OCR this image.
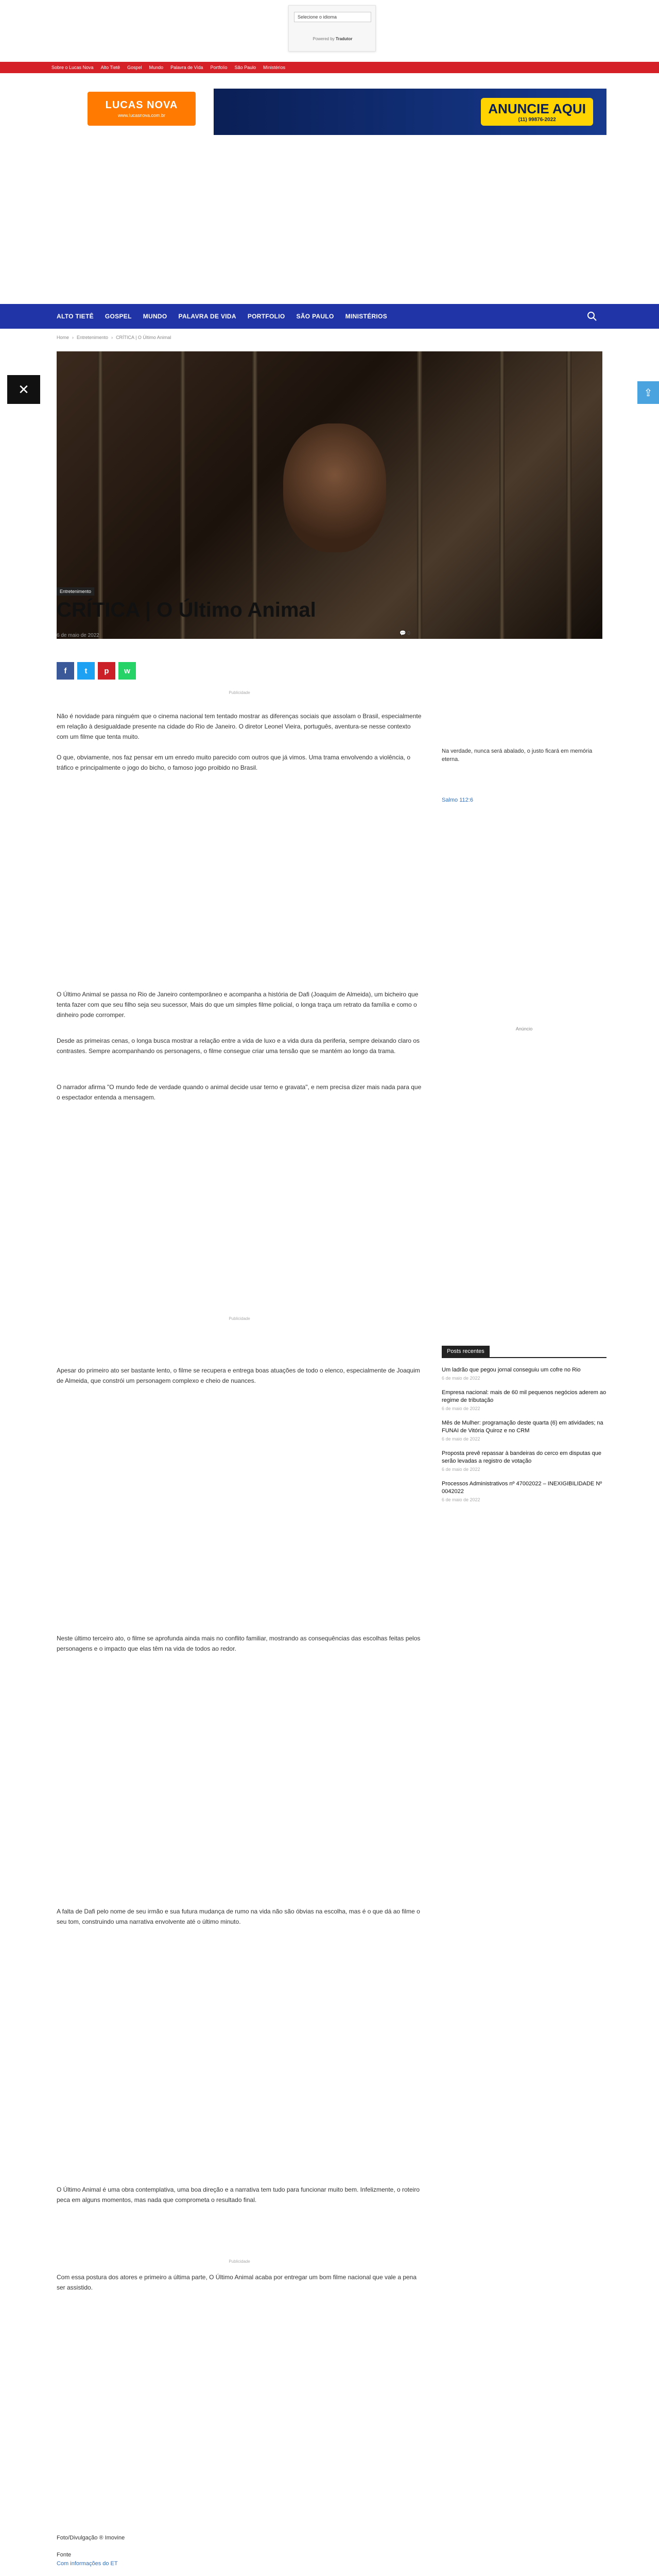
Selecione o idioma
Powered by Tradutor
Sobre o Lucas Nova Alto Tietê Gospel Mundo Palavra de Vida Portfolio São Paulo Ministérios
LUCAS NOVA
www.lucasnova.com.br	ANUNCIE AQUI
(11) 99876-2022
ALTO TIETÊ GOSPEL MUNDO PALAVRA DE VIDA PORTFOLIO SÃO PAULO MINISTÉRIOS
Home › Entretenimento › CRÍTICA | O Último Animal
✕	⇪
Entretenimento
CRÍTICA | O Último Animal
6 de maio de 2022	💬 0
f	t	p	w
Publicidade

Não é novidade para ninguém que o cinema nacional tem tentado mostrar as diferenças sociais que assolam o Brasil, especialmente em relação à desigualdade presente na cidade do Rio de Janeiro. O diretor Leonel Vieira, português, aventura-se nesse contexto com um filme que tenta muito.

O que, obviamente, nos faz pensar em um enredo muito parecido com outros que já vimos. Uma trama envolvendo a violência, o tráfico e principalmente o jogo do bicho, o famoso jogo proibido no Brasil.

O Último Animal se passa no Rio de Janeiro contemporâneo e acompanha a história de Dafi (Joaquim de Almeida), um bicheiro que tenta fazer com que seu filho seja seu sucessor, Mais do que um simples filme policial, o longa traça um retrato da família e como o dinheiro pode corromper.

Desde as primeiras cenas, o longa busca mostrar a relação entre a vida de luxo e a vida dura da periferia, sempre deixando claro os contrastes. Sempre acompanhando os personagens, o filme consegue criar uma tensão que se mantém ao longo da trama.

O narrador afirma "O mundo fede de verdade quando o animal decide usar terno e gravata", e nem precisa dizer mais nada para que o espectador entenda a mensagem.

Publicidade

Apesar do primeiro ato ser bastante lento, o filme se recupera e entrega boas atuações de todo o elenco, especialmente de Joaquim de Almeida, que constrói um personagem complexo e cheio de nuances.

Neste último terceiro ato, o filme se aprofunda ainda mais no conflito familiar, mostrando as consequências das escolhas feitas pelos personagens e o impacto que elas têm na vida de todos ao redor.

A falta de Dafi pelo nome de seu irmão e sua futura mudança de rumo na vida não são óbvias na escolha, mas é o que dá ao filme o seu tom, construindo uma narrativa envolvente até o último minuto.

O Último Animal é uma obra contemplativa, uma boa direção e a narrativa tem tudo para funcionar muito bem. Infelizmente, o roteiro peca em alguns momentos, mas nada que comprometa o resultado final.

Publicidade

Com essa postura dos atores e primeiro a última parte, O Último Animal acaba por entregar um bom filme nacional que vale a pena ser assistido.

Na verdade, nunca será abalado, o justo ficará em memória eterna.
Salmo 112:6
Anúncio
Posts recentes
Um ladrão que pegou jornal conseguiu um cofre no Rio
6 de maio de 2022
Empresa nacional: mais de 60 mil pequenos negócios aderem ao regime de tributação
6 de maio de 2022
Mês de Mulher: programação deste quarta (6) em atividades; na FUNAI de Vitória Quiroz e no CRM
6 de maio de 2022
Proposta prevê repassar à bandeiras do cerco em disputas que serão levadas a registro de votação
6 de maio de 2022
Processos Administrativos nº 47002022 – INEXIGIBILIDADE Nº 0042022
6 de maio de 2022
Foto/Divulgação ® Imovine
Fonte
Com informações do ET
